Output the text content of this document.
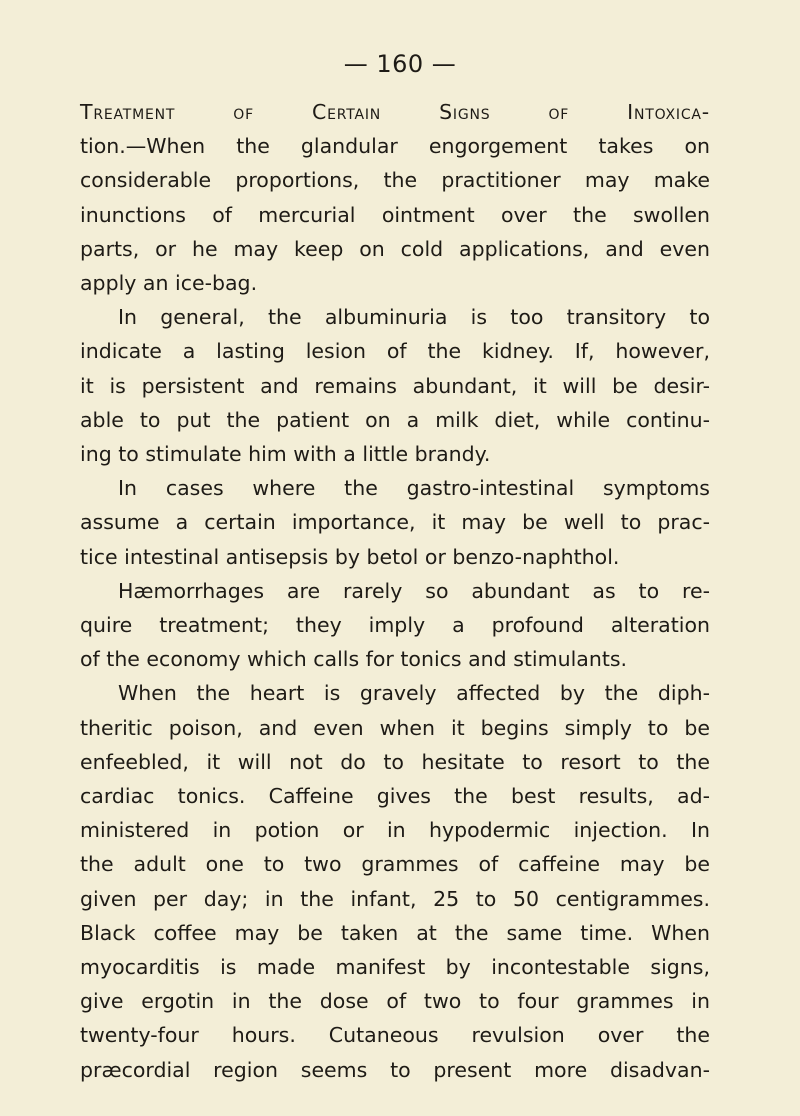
— 160 —
Treatment of Certain Signs of Intoxica-
tion.—When the glandular engorgement takes on
considerable proportions, the practitioner may make
inunctions of mercurial ointment over the swollen
parts, or he may keep on cold applications, and even
apply an ice-bag.
In general, the albuminuria is too transitory to
indicate a lasting lesion of the kidney. If, however,
it is persistent and remains abundant, it will be desir-
able to put the patient on a milk diet, while continu-
ing to stimulate him with a little brandy.
In cases where the gastro-intestinal symptoms
assume a certain importance, it may be well to prac-
tice intestinal antisepsis by betol or benzo-naphthol.
Hæmorrhages are rarely so abundant as to re-
quire treatment; they imply a profound alteration
of the economy which calls for tonics and stimulants.
When the heart is gravely affected by the diph-
theritic poison, and even when it begins simply to be
enfeebled, it will not do to hesitate to resort to the
cardiac tonics. Caffeine gives the best results, ad-
ministered in potion or in hypodermic injection. In
the adult one to two grammes of caffeine may be
given per day; in the infant, 25 to 50 centigrammes.
Black coffee may be taken at the same time. When
myocarditis is made manifest by incontestable signs,
give ergotin in the dose of two to four grammes in
twenty-four hours. Cutaneous revulsion over the
præcordial region seems to present more disadvan-
